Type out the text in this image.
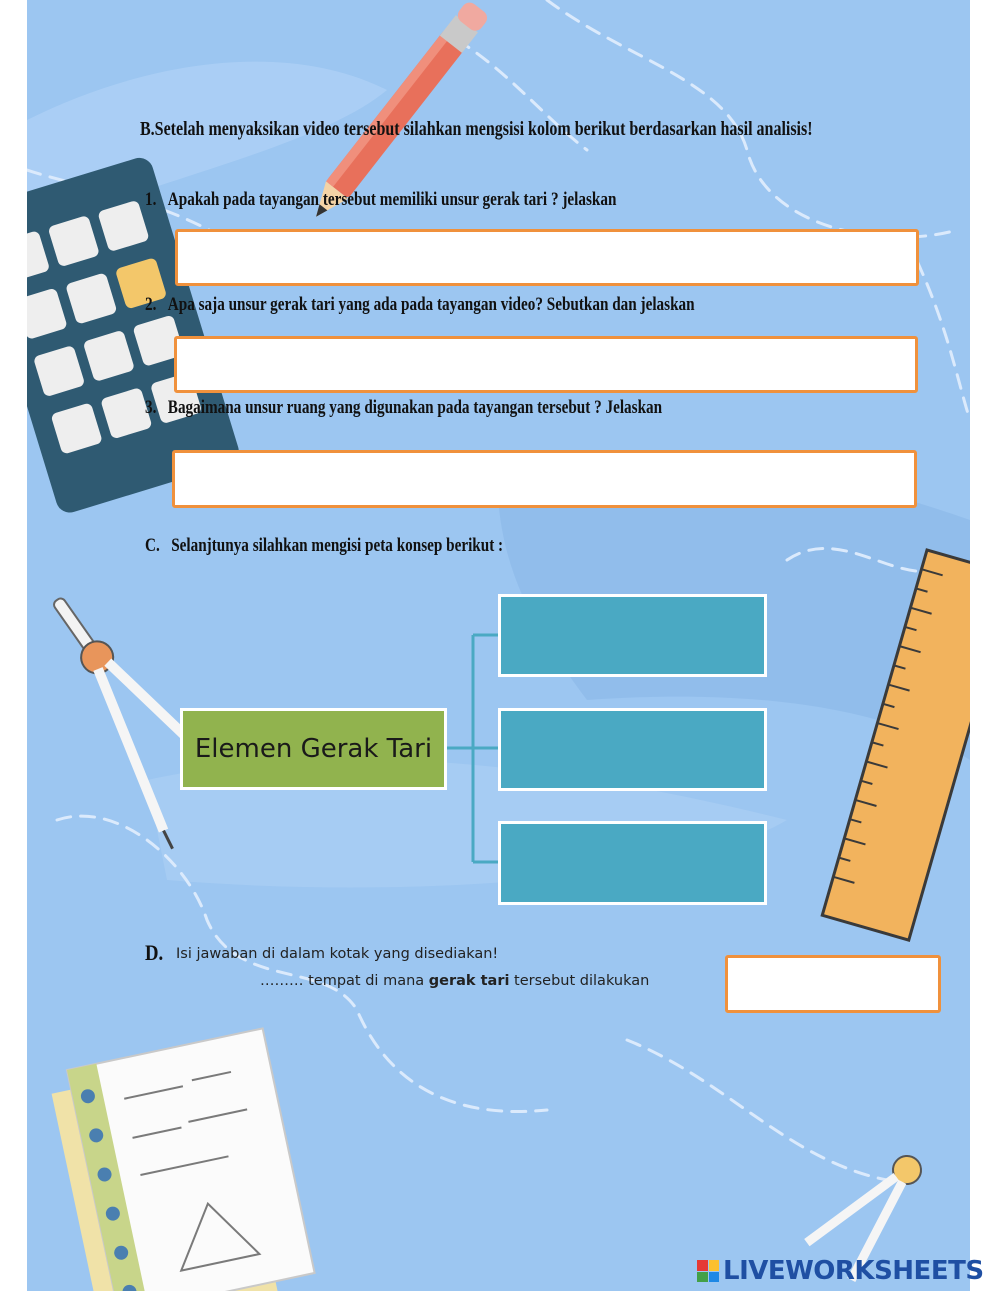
B.Setelah menyaksikan video tersebut silahkan mengsisi kolom berikut berdasarkan hasil analisis!
1. Apakah pada tayangan tersebut memiliki unsur gerak tari ? jelaskan
2. Apa saja unsur gerak tari yang ada pada tayangan video? Sebutkan dan jelaskan
3. Bagaimana unsur ruang yang digunakan pada tayangan tersebut ? Jelaskan
C. Selanjtunya silahkan mengisi peta konsep berikut :
Elemen Gerak Tari
D. Isi jawaban di dalam kotak yang disediakan!
……… tempat di mana gerak tari tersebut dilakukan
LIVEWORKSHEETS
